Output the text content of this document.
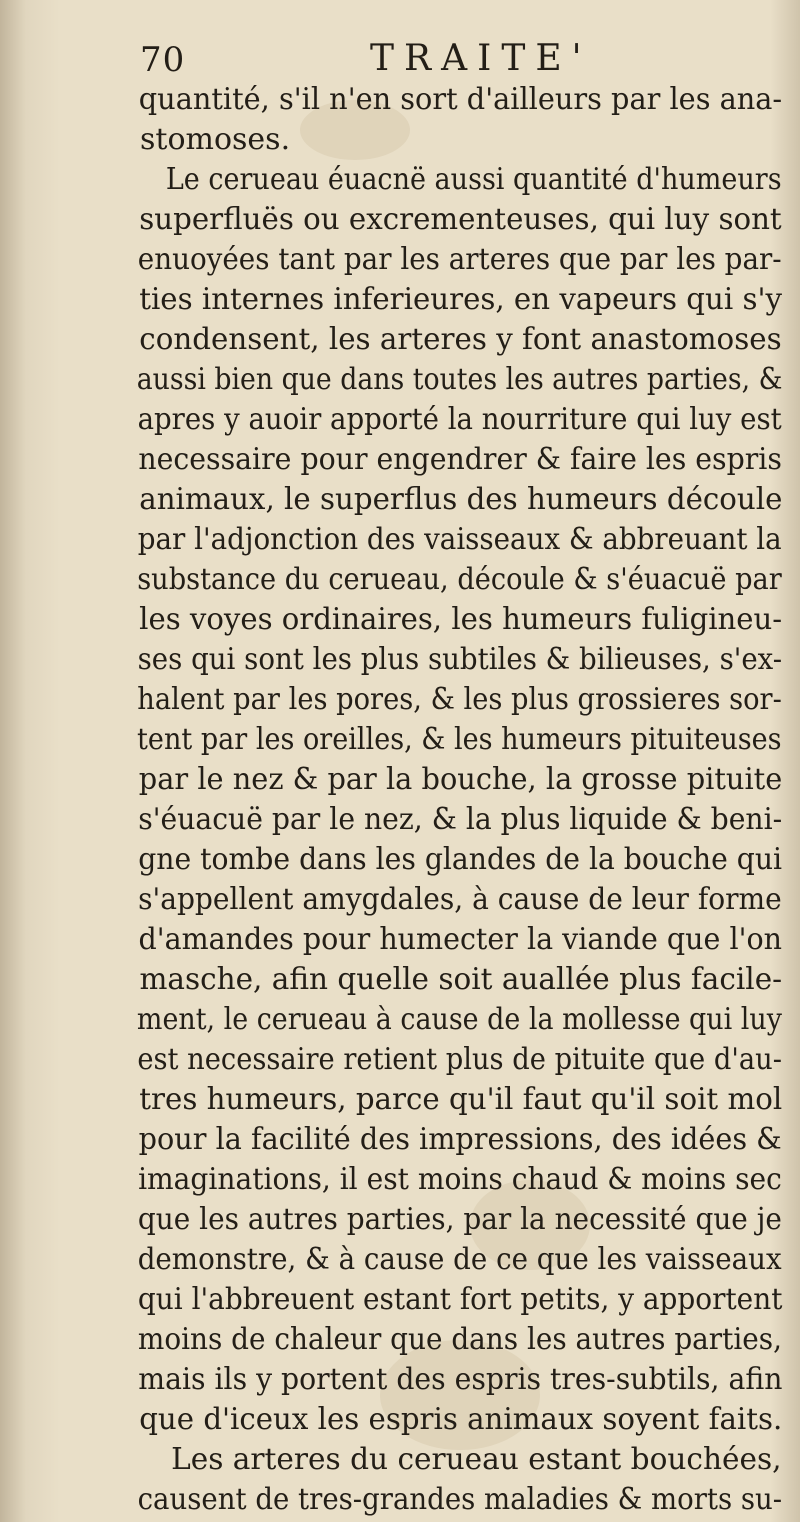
70	TRAITE'
quantité, s'il n'en sort d'ailleurs par les ana-
stomoses.
Le cerueau éuacnë aussi quantité d'humeurs
superfluës ou excrementeuses, qui luy sont
enuoyées tant par les arteres que par les par-
ties internes inferieures, en vapeurs qui s'y
condensent, les arteres y font anastomoses
aussi bien que dans toutes les autres parties, &
apres y auoir apporté la nourriture qui luy est
necessaire pour engendrer & faire les espris
animaux, le superflus des humeurs découle
par l'adjonction des vaisseaux & abbreuant la
substance du cerueau, découle & s'éuacuë par
les voyes ordinaires, les humeurs fuligineu-
ses qui sont les plus subtiles & bilieuses, s'ex-
halent par les pores, & les plus grossieres sor-
tent par les oreilles, & les humeurs pituiteuses
par le nez & par la bouche, la grosse pituite
s'éuacuë par le nez, & la plus liquide & beni-
gne tombe dans les glandes de la bouche qui
s'appellent amygdales, à cause de leur forme
d'amandes pour humecter la viande que l'on
masche, afin quelle soit auallée plus facile-
ment, le cerueau à cause de la mollesse qui luy
est necessaire retient plus de pituite que d'au-
tres humeurs, parce qu'il faut qu'il soit mol
pour la facilité des impressions, des idées &
imaginations, il est moins chaud & moins sec
que les autres parties, par la necessité que je
demonstre, & à cause de ce que les vaisseaux
qui l'abbreuent estant fort petits, y apportent
moins de chaleur que dans les autres parties,
mais ils y portent des espris tres-subtils, afin
que d'iceux les espris animaux soyent faits.
Les arteres du cerueau estant bouchées,
causent de tres-grandes maladies & morts su-
